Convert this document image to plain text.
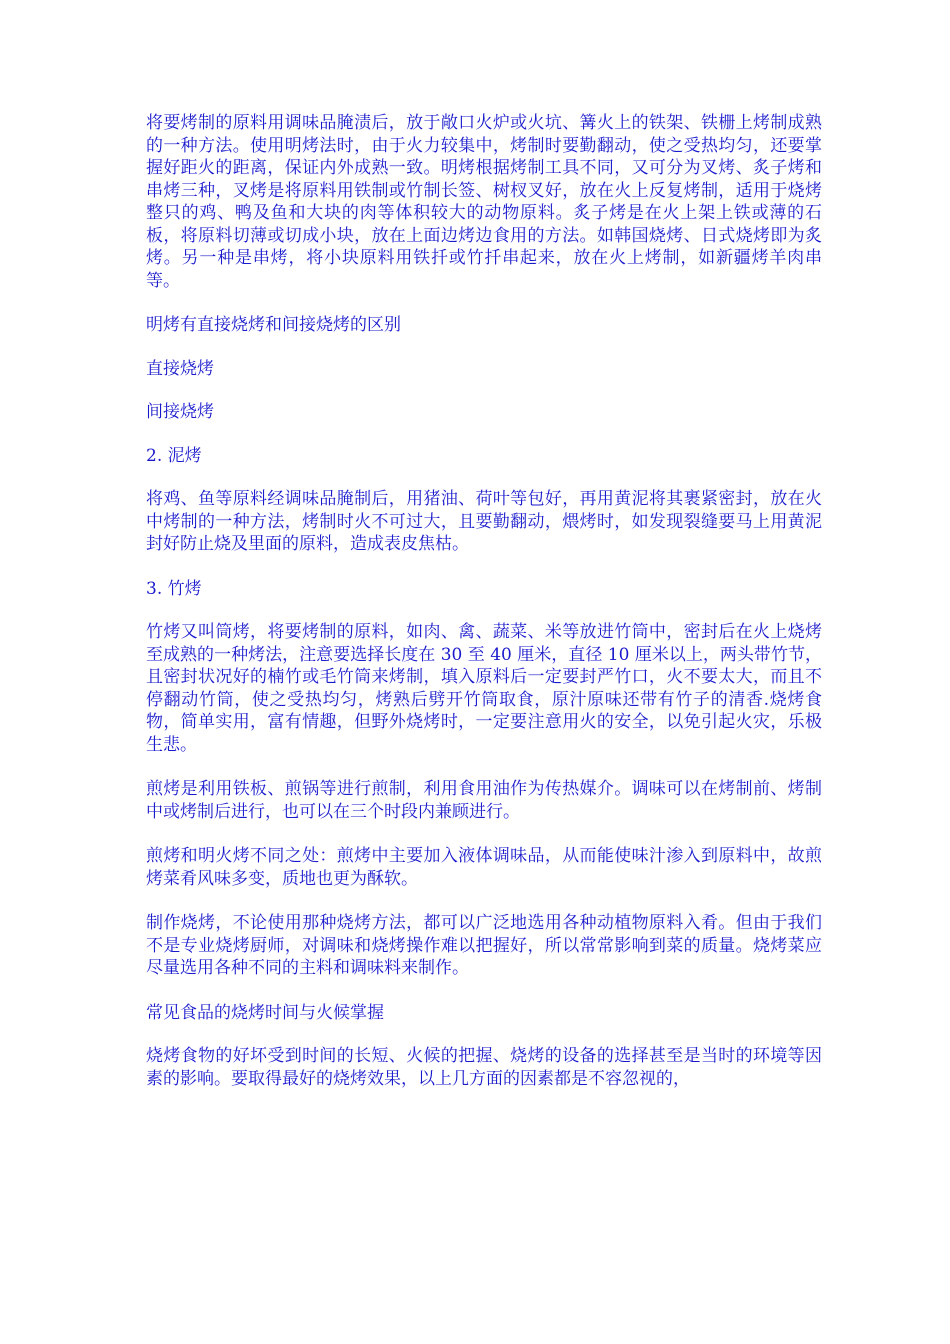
将要烤制的原料用调味品腌渍后，放于敞口火炉或火坑、篝火上的铁架、铁栅上烤制成熟的一种方法。使用明烤法时，由于火力较集中，烤制时要勤翻动，使之受热均匀，还要掌握好距火的距离，保证内外成熟一致。明烤根据烤制工具不同，又可分为叉烤、炙子烤和串烤三种，叉烤是将原料用铁制或竹制长签、树杈叉好，放在火上反复烤制，适用于烧烤整只的鸡、鸭及鱼和大块的肉等体积较大的动物原料。炙子烤是在火上架上铁或薄的石板，将原料切薄或切成小块，放在上面边烤边食用的方法。如韩国烧烤、日式烧烤即为炙烤。另一种是串烤，将小块原料用铁扦或竹扦串起来，放在火上烤制，如新疆烤羊肉串等。

明烤有直接烧烤和间接烧烤的区别

直接烧烤

间接烧烤

2. 泥烤

将鸡、鱼等原料经调味品腌制后，用猪油、荷叶等包好，再用黄泥将其裹紧密封，放在火中烤制的一种方法，烤制时火不可过大，且要勤翻动，煨烤时，如发现裂缝要马上用黄泥封好防止烧及里面的原料，造成表皮焦枯。

3. 竹烤

竹烤又叫筒烤，将要烤制的原料，如肉、禽、蔬菜、米等放进竹筒中，密封后在火上烧烤至成熟的一种烤法，注意要选择长度在 30 至 40 厘米，直径 10 厘米以上，两头带竹节，且密封状况好的楠竹或毛竹筒来烤制，填入原料后一定要封严竹口，火不要太大，而且不停翻动竹筒，使之受热均匀，烤熟后劈开竹筒取食，原汁原味还带有竹子的清香.烧烤食物，简单实用，富有情趣，但野外烧烤时，一定要注意用火的安全，以免引起火灾，乐极生悲。

煎烤是利用铁板、煎锅等进行煎制，利用食用油作为传热媒介。调味可以在烤制前、烤制中或烤制后进行，也可以在三个时段内兼顾进行。

煎烤和明火烤不同之处：煎烤中主要加入液体调味品，从而能使味汁渗入到原料中，故煎烤菜肴风味多变，质地也更为酥软。

制作烧烤，不论使用那种烧烤方法，都可以广泛地选用各种动植物原料入肴。但由于我们不是专业烧烤厨师，对调味和烧烤操作难以把握好，所以常常影响到菜的质量。烧烤菜应尽量选用各种不同的主料和调味料来制作。

常见食品的烧烤时间与火候掌握

烧烤食物的好坏受到时间的长短、火候的把握、烧烤的设备的选择甚至是当时的环境等因素的影响。要取得最好的烧烤效果，以上几方面的因素都是不容忽视的，
